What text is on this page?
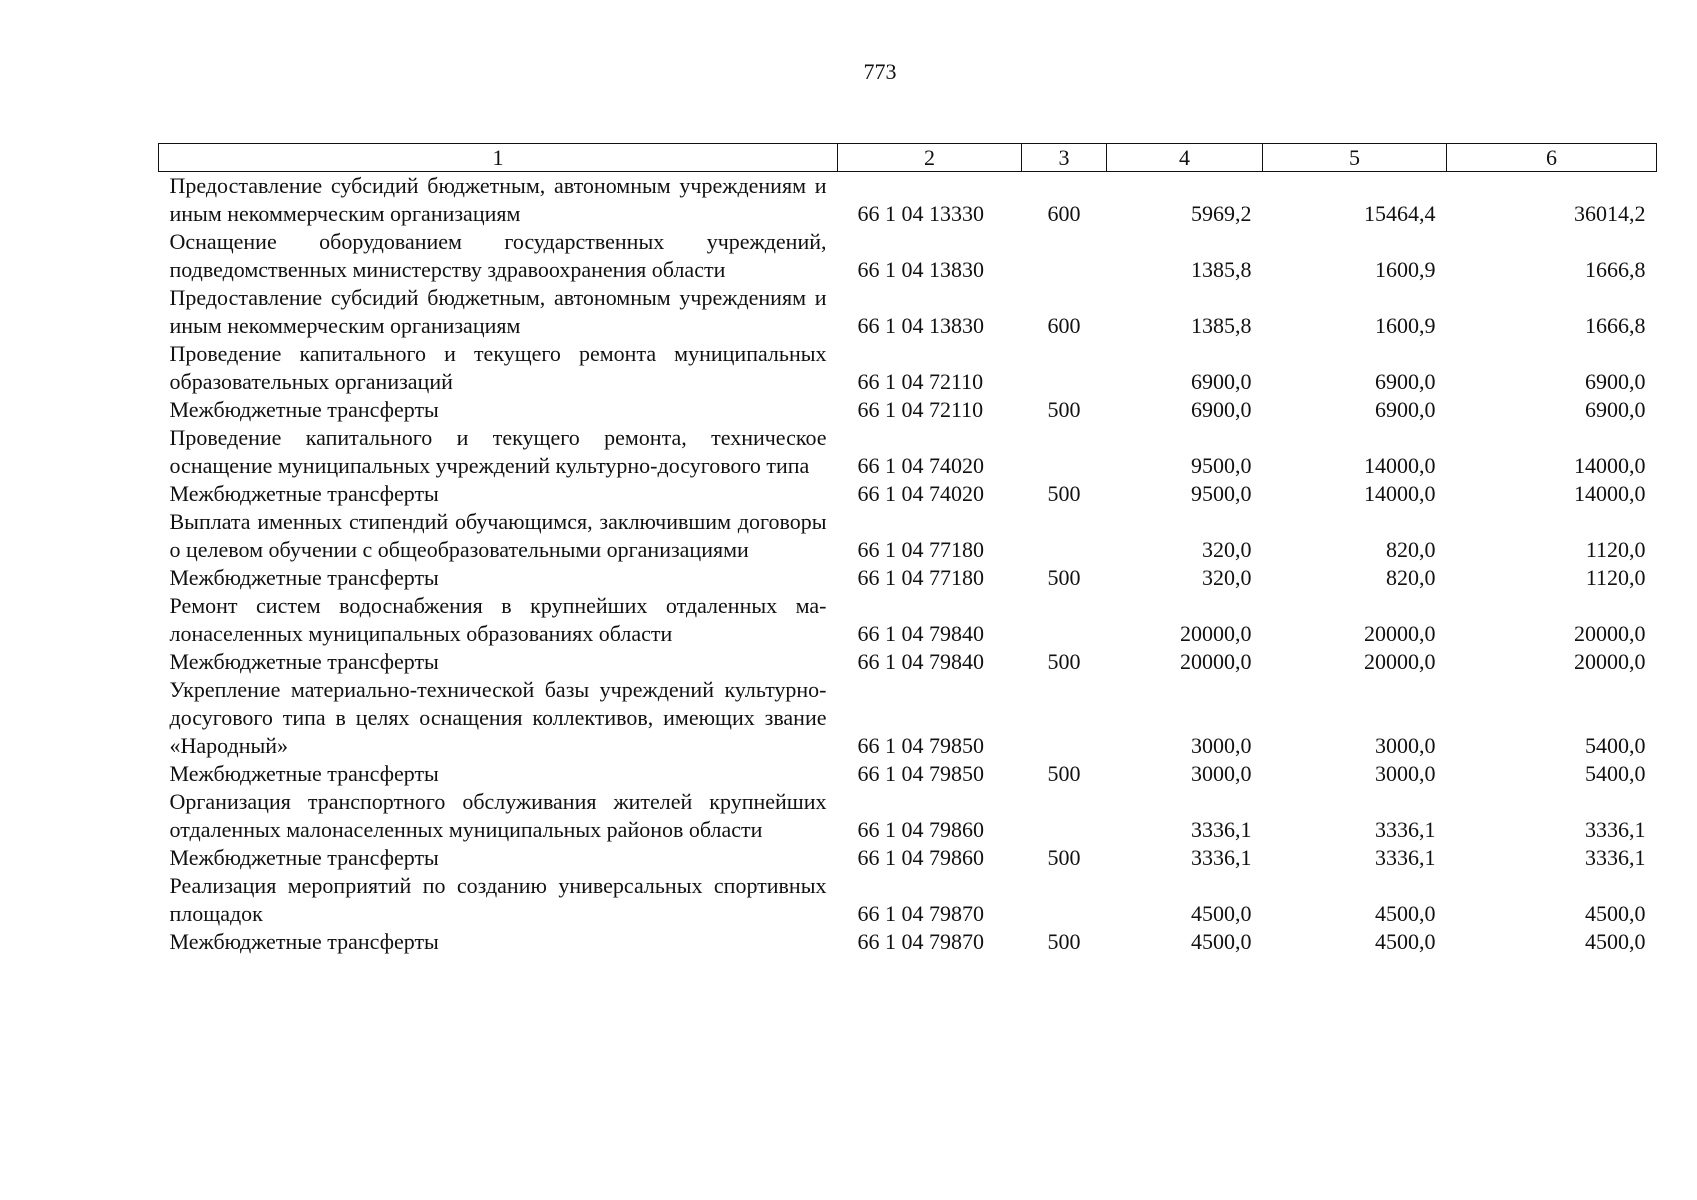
773
1	2	3	4	5	6
Предоставление субсидий бюджетным, автономным учреждениям и иным некоммерческим организациям	66 1 04 13330	600	5969,2	15464,4	36014,2
Оснащение оборудованием государственных учреждений, подведомственных министерству здравоохранения области	66 1 04 13830		1385,8	1600,9	1666,8
Предоставление субсидий бюджетным, автономным учреждениям и иным некоммерческим организациям	66 1 04 13830	600	1385,8	1600,9	1666,8
Проведение капитального и текущего ремонта муниципальных образовательных организаций	66 1 04 72110		6900,0	6900,0	6900,0
Межбюджетные трансферты	66 1 04 72110	500	6900,0	6900,0	6900,0
Проведение капитального и текущего ремонта, техническое оснащение муниципальных учреждений культурно-досугового типа	66 1 04 74020		9500,0	14000,0	14000,0
Межбюджетные трансферты	66 1 04 74020	500	9500,0	14000,0	14000,0
Выплата именных стипендий обучающимся, заключившим договоры о целевом обучении с общеобразовательными организациями	66 1 04 77180		320,0	820,0	1120,0
Межбюджетные трансферты	66 1 04 77180	500	320,0	820,0	1120,0
Ремонт систем водоснабжения в крупнейших отдаленных малонаселенных муниципальных образованиях области	66 1 04 79840		20000,0	20000,0	20000,0
Межбюджетные трансферты	66 1 04 79840	500	20000,0	20000,0	20000,0
Укрепление материально-технической базы учреждений культурно-досугового типа в целях оснащения коллективов, имеющих звание «Народный»	66 1 04 79850		3000,0	3000,0	5400,0
Межбюджетные трансферты	66 1 04 79850	500	3000,0	3000,0	5400,0
Организация транспортного обслуживания жителей крупнейших отдаленных малонаселенных муниципальных районов области	66 1 04 79860		3336,1	3336,1	3336,1
Межбюджетные трансферты	66 1 04 79860	500	3336,1	3336,1	3336,1
Реализация мероприятий по созданию универсальных спортивных площадок	66 1 04 79870		4500,0	4500,0	4500,0
Межбюджетные трансферты	66 1 04 79870	500	4500,0	4500,0	4500,0
